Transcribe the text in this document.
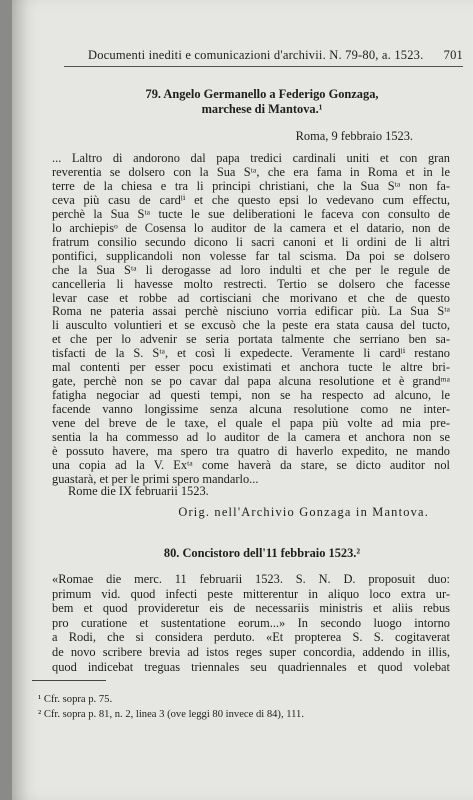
Documenti inediti e comunicazioni d'archivii. N. 79-80, a. 1523. 701
79. Angelo Germanello a Federigo Gonzaga,
marchese di Mantova.¹
Roma, 9 febbraio 1523.
... Laltro di andorono dal papa tredici cardinali uniti et con gran
reverentia se dolsero con la Sua Sᵗᵃ, che era fama in Roma et in le
terre de la chiesa e tra li principi christiani, che la Sua Sᵗᵃ non fa-
ceva più casu de cardˡⁱ et che questo epsi lo vedevano cum effectu,
perchè la Sua Sᵗᵃ tucte le sue deliberationi le faceva con consulto de
lo archiepisᵒ de Cosensa lo auditor de la camera et el datario, non de
fratrum consilio secundo dicono li sacri canoni et li ordini de li altri
pontifici, supplicandoli non volesse far tal scisma. Da poi se dolsero
che la Sua Sᵗᵃ li derogasse ad loro indulti et che per le regule de
cancelleria li havesse molto restrecti. Tertio se dolsero che facesse
levar case et robbe ad cortisciani che morivano et che de questo
Roma ne pateria assai perchè nisciuno vorria edificar più. La Sua Sᵗᵃ
li ausculto voluntieri et se excusò che la peste era stata causa del tucto,
et che per lo advenir se seria portata talmente che serriano ben sa-
tisfacti de la S. Sᵗᵃ, et così li expedecte. Veramente li cardˡⁱ restano
mal contenti per esser pocu existimati et anchora tucte le altre bri-
gate, perchè non se po cavar dal papa alcuna resolutione et è grandᵐᵃ
fatigha negociar ad questi tempi, non se ha respecto ad alcuno, le
facende vanno longissime senza alcuna resolutione como ne inter-
vene del breve de le taxe, el quale el papa più volte ad mia pre-
sentia la ha commesso ad lo auditor de la camera et anchora non se
è possuto havere, ma spero tra quatro di haverlo expedito, ne mando
una copia ad la V. Exᵗᵃ come haverà da stare, se dicto auditor nol
guastarà, et per le primi spero mandarlo...
Rome die IX februarii 1523.
Orig. nell'Archivio Gonzaga in Mantova.
80. Concistoro dell'11 febbraio 1523.²
«Romae die merc. 11 februarii 1523. S. N. D. proposuit duo:
primum vid. quod infecti peste mitterentur in aliquo loco extra ur-
bem et quod provideretur eis de necessariis ministris et aliis rebus
pro curatione et sustentatione eorum...» In secondo luogo intorno
a Rodi, che si considera perduto. «Et propterea S. S. cogitaverat
de novo scribere brevia ad istos reges super concordia, addendo in illis,
quod indicebat treguas triennales seu quadriennales et quod volebat
¹ Cfr. sopra p. 75.
² Cfr. sopra p. 81, n. 2, linea 3 (ove leggi 80 invece di 84), 111.
